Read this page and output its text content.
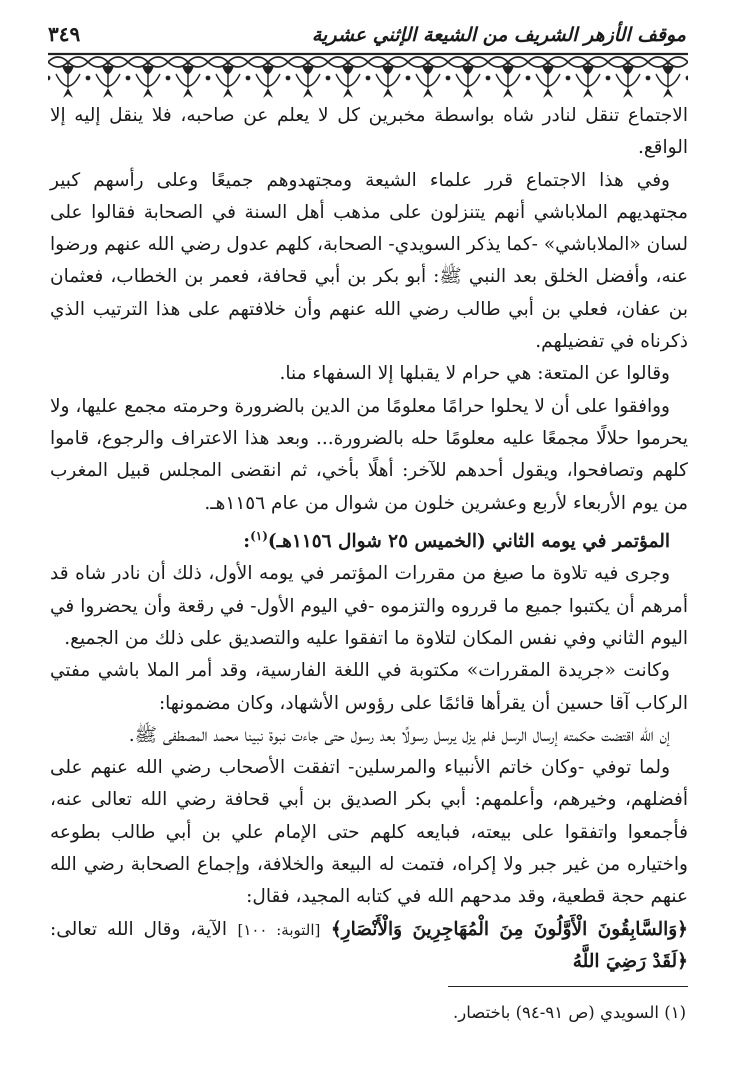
موقف الأزهر الشريف من الشيعة الإثني عشرية
٣٤٩

الاجتماع تنقل لنادر شاه بواسطة مخبرين كل لا يعلم عن صاحبه، فلا ينقل إليه إلا الواقع.

وفي هذا الاجتماع قرر علماء الشيعة ومجتهدوهم جميعًا وعلى رأسهم كبير مجتهديهم الملاباشي أنهم يتنزلون على مذهب أهل السنة في الصحابة فقالوا على لسان «الملاباشي» -كما يذكر السويدي- الصحابة، كلهم عدول رضي الله عنهم ورضوا عنه، وأفضل الخلق بعد النبي ﷺ: أبو بكر بن أبي قحافة، فعمر بن الخطاب، فعثمان بن عفان، فعلي بن أبي طالب رضي الله عنهم وأن خلافتهم على هذا الترتيب الذي ذكرناه في تفضيلهم.

وقالوا عن المتعة: هي حرام لا يقبلها إلا السفهاء منا.

ووافقوا على أن لا يحلوا حرامًا معلومًا من الدين بالضرورة وحرمته مجمع عليها، ولا يحرموا حلالًا مجمعًا عليه معلومًا حله بالضرورة... وبعد هذا الاعتراف والرجوع، قاموا كلهم وتصافحوا، ويقول أحدهم للآخر: أهلًا بأخي، ثم انقضى المجلس قبيل المغرب من يوم الأربعاء لأربع وعشرين خلون من شوال من عام ١١٥٦هـ.

المؤتمر في يومه الثاني (الخميس ٢٥ شوال ١١٥٦هـ)$^{(١)}$:

وجرى فيه تلاوة ما صيغ من مقررات المؤتمر في يومه الأول، ذلك أن نادر شاه قد أمرهم أن يكتبوا جميع ما قرروه والتزموه -في اليوم الأول- في رقعة وأن يحضروا في اليوم الثاني وفي نفس المكان لتلاوة ما اتفقوا عليه والتصديق على ذلك من الجميع.

وكانت «جريدة المقررات» مكتوبة في اللغة الفارسية، وقد أمر الملا باشي مفتي الركاب آقا حسين أن يقرأها قائمًا على رؤوس الأشهاد، وكان مضمونها:

إن الله اقتضت حكمته إرسال الرسل فلم يزل يرسل رسولًا بعد رسول حتى جاءت نبوة نبينا محمد المصطفى ﷺ.

ولما توفي -وكان خاتم الأنبياء والمرسلين- اتفقت الأصحاب رضي الله عنهم على أفضلهم، وخيرهم، وأعلمهم: أبي بكر الصديق بن أبي قحافة رضي الله تعالى عنه، فأجمعوا واتفقوا على بيعته، فبايعه كلهم حتى الإمام علي بن أبي طالب بطوعه واختياره من غير جبر ولا إكراه، فتمت له البيعة والخلافة، وإجماع الصحابة رضي الله عنهم حجة قطعية، وقد مدحهم الله في كتابه المجيد، فقال:

﴿وَالسَّابِقُونَ الْأَوَّلُونَ مِنَ الْمُهَاجِرِينَ وَالْأَنْصَارِ﴾ [التوبة: ١٠٠] الآية، وقال الله تعالى: ﴿لَقَدْ رَضِيَ اللَّهُ

(١) السويدي (ص ٩١-٩٤) باختصار.
